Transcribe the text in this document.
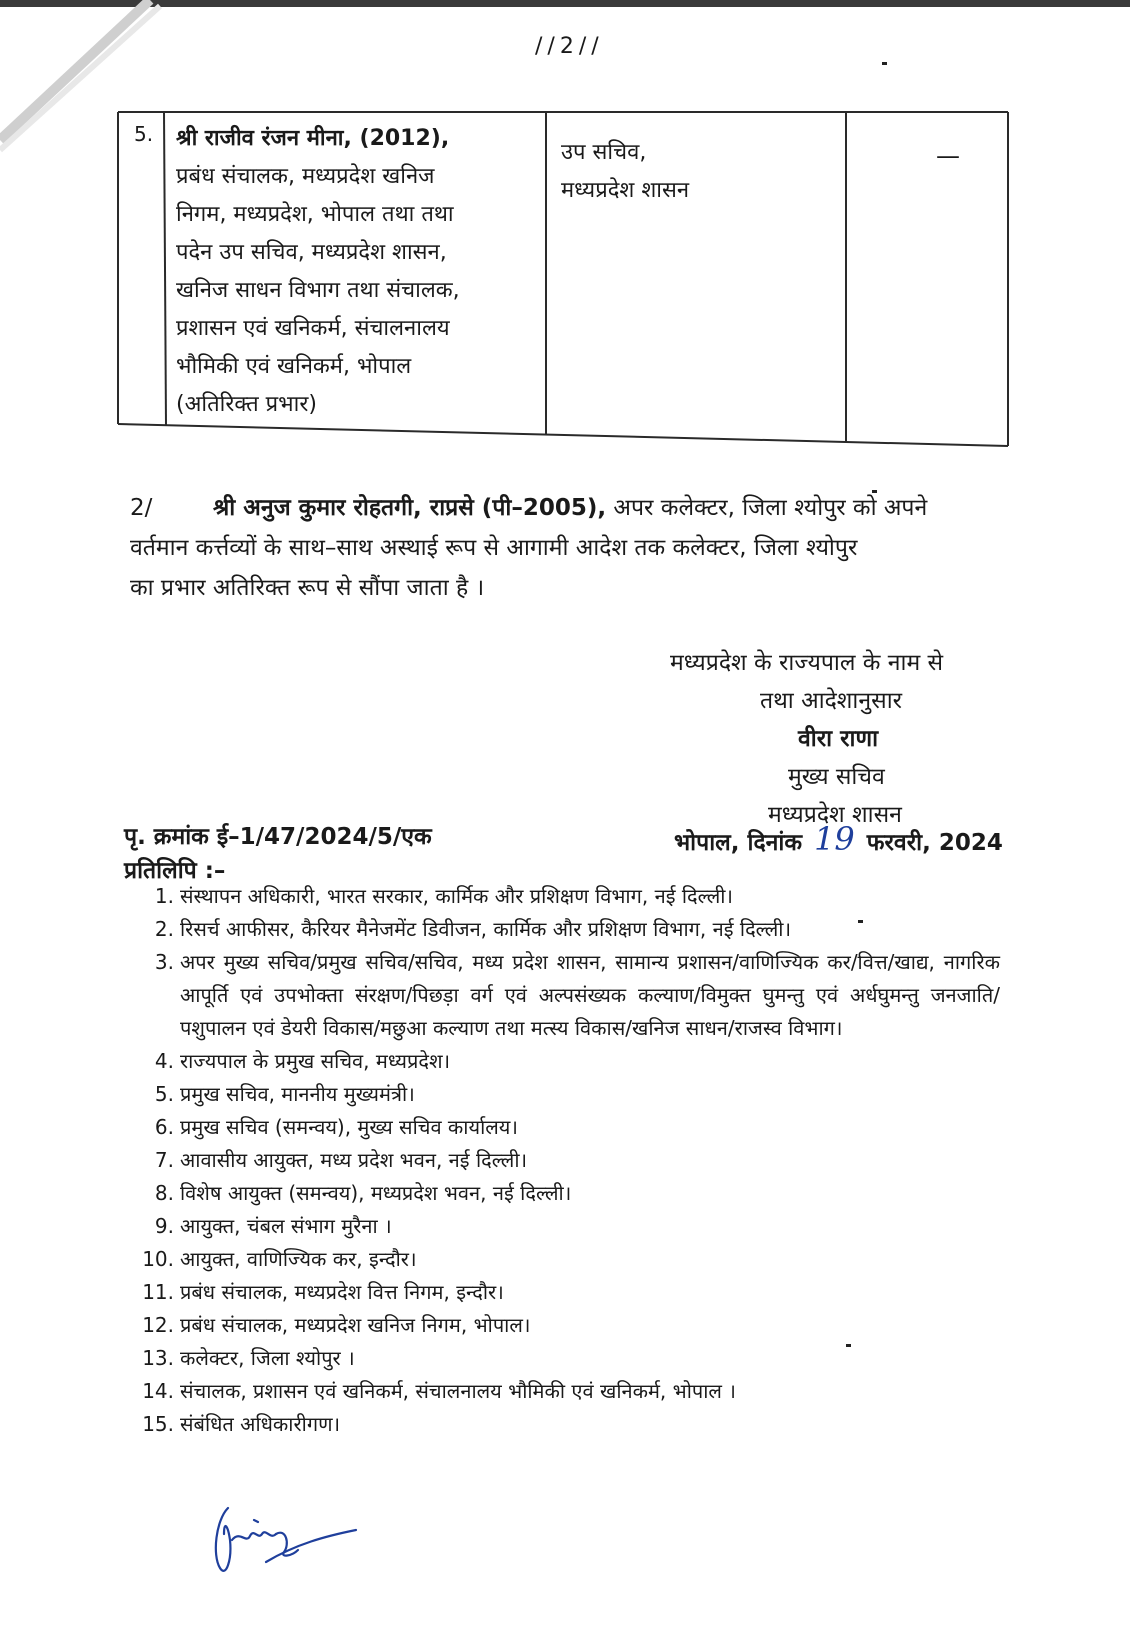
//2//
5. श्री राजीव रंजन मीना, (2012),
प्रबंध संचालक, मध्यप्रदेश खनिज
निगम, मध्यप्रदेश, भोपाल तथा तथा
पदेन उप सचिव, मध्यप्रदेश शासन,
खनिज साधन विभाग तथा संचालक,
प्रशासन एवं खनिकर्म, संचालनालय
भौमिकी एवं खनिकर्म, भोपाल
(अतिरिक्त प्रभार)
उप सचिव,
मध्यप्रदेश शासन
—
2/	श्री अनुज कुमार रोहतगी, राप्रसे (पी–2005), अपर कलेक्टर, जिला श्योपुर को अपने
वर्तमान कर्त्तव्यों के साथ–साथ अस्थाई रूप से आगामी आदेश तक कलेक्टर, जिला श्योपुर
का प्रभार अतिरिक्त रूप से सौंपा जाता है ।
मध्यप्रदेश के राज्यपाल के नाम से
तथा आदेशानुसार
वीरा राणा
मुख्य सचिव
मध्यप्रदेश शासन
पृ. क्रमांक ई–1/47/2024/5/एक
प्रतिलिपि :–
भोपाल, दिनांक 19 फरवरी, 2024
1. संस्थापन अधिकारी, भारत सरकार, कार्मिक और प्रशिक्षण विभाग, नई दिल्ली।
2. रिसर्च आफीसर, कैरियर मैनेजमेंट डिवीजन, कार्मिक और प्रशिक्षण विभाग, नई दिल्ली।
3. अपर मुख्य सचिव/प्रमुख सचिव/सचिव, मध्य प्रदेश शासन, सामान्य प्रशासन/वाणिज्यिक कर/वित्त/खाद्य, नागरिक आपूर्ति एवं उपभोक्ता संरक्षण/पिछड़ा वर्ग एवं अल्पसंख्यक कल्याण/विमुक्त घुमन्तु एवं अर्धघुमन्तु जनजाति/पशुपालन एवं डेयरी विकास/मछुआ कल्याण तथा मत्स्य विकास/खनिज साधन/राजस्व विभाग।
4. राज्यपाल के प्रमुख सचिव, मध्यप्रदेश।
5. प्रमुख सचिव, माननीय मुख्यमंत्री।
6. प्रमुख सचिव (समन्वय), मुख्य सचिव कार्यालय।
7. आवासीय आयुक्त, मध्य प्रदेश भवन, नई दिल्ली।
8. विशेष आयुक्त (समन्वय), मध्यप्रदेश भवन, नई दिल्ली।
9. आयुक्त, चंबल संभाग मुरैना ।
10. आयुक्त, वाणिज्यिक कर, इन्दौर।
11. प्रबंध संचालक, मध्यप्रदेश वित्त निगम, इन्दौर।
12. प्रबंध संचालक, मध्यप्रदेश खनिज निगम, भोपाल।
13. कलेक्टर, जिला श्योपुर ।
14. संचालक, प्रशासन एवं खनिकर्म, संचालनालय भौमिकी एवं खनिकर्म, भोपाल ।
15. संबंधित अधिकारीगण।
